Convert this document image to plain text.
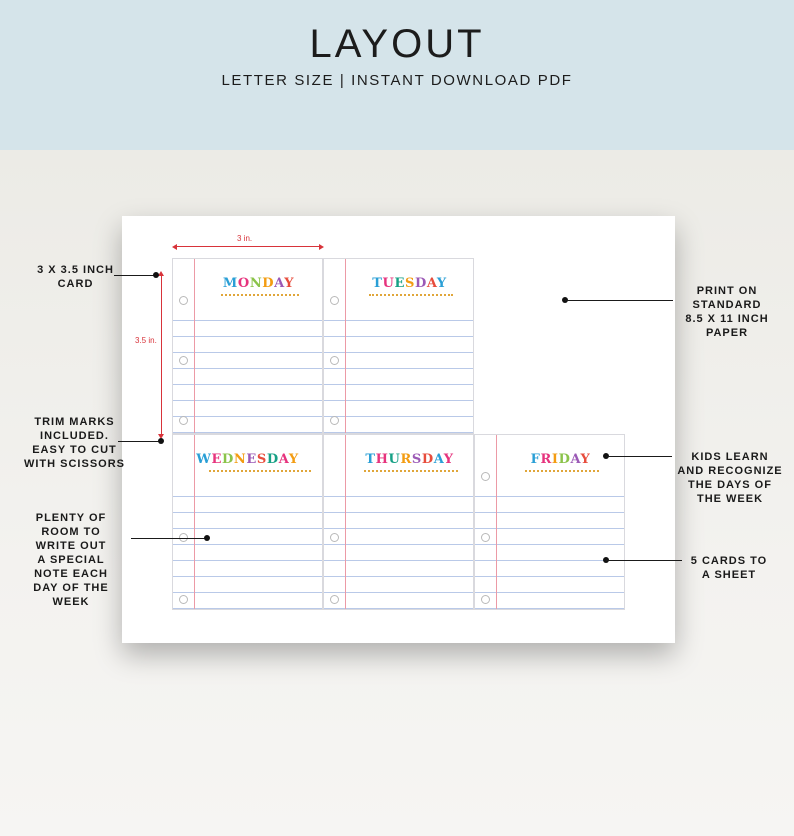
LAYOUT
LETTER SIZE | INSTANT DOWNLOAD PDF
MONDAY	TUESDAY
WEDNESDAY	THURSDAY	FRIDAY
3 in.
3.5 in.
3 X 3.5 INCH
CARD
TRIM MARKS
INCLUDED.
EASY TO CUT
WITH SCISSORS
PLENTY OF
ROOM TO
WRITE OUT
A SPECIAL
NOTE EACH
DAY OF THE
WEEK
PRINT ON
STANDARD
8.5 X 11 INCH
PAPER
KIDS LEARN
AND RECOGNIZE
THE DAYS OF
THE WEEK
5 CARDS TO
A SHEET
